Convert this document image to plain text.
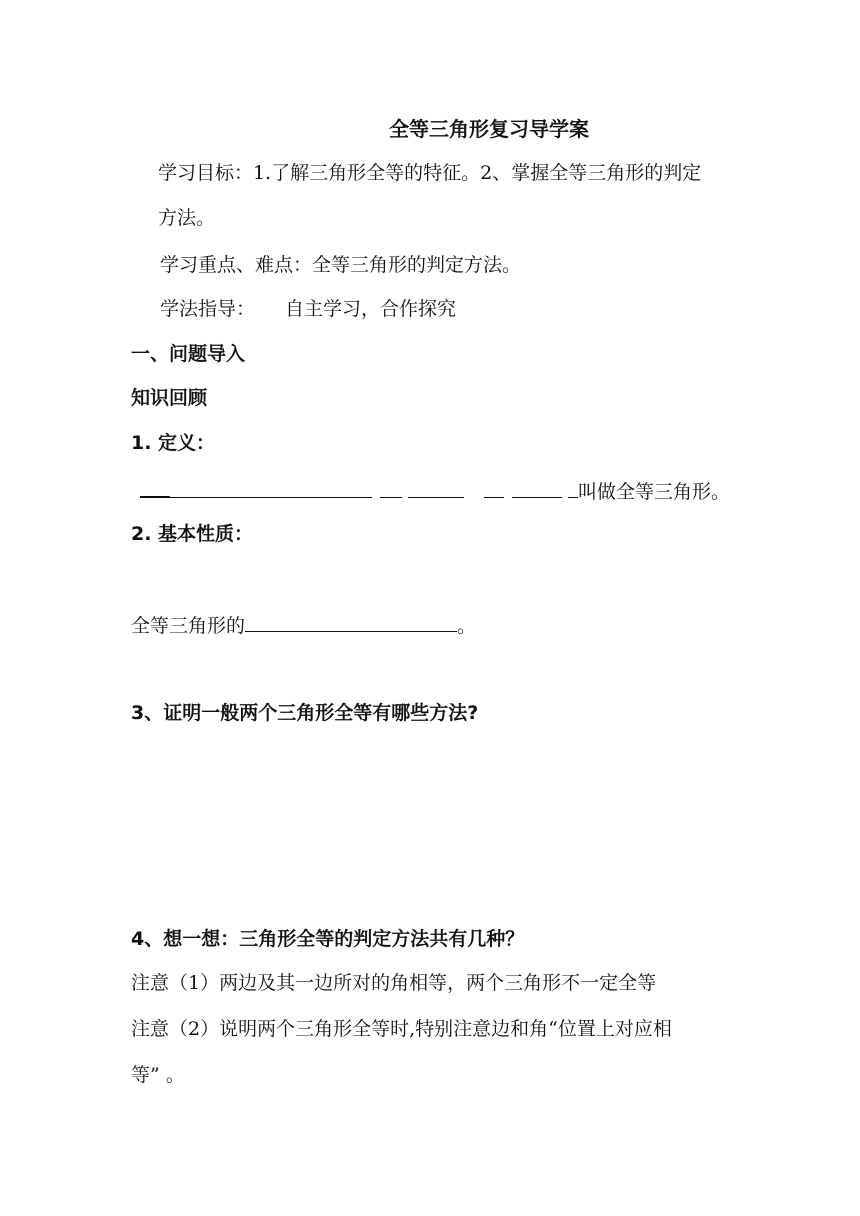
全等三角形复习导学案
学习目标：1.了解三角形全等的特征。2、掌握全等三角形的判定
方法。
学习重点、难点：全等三角形的判定方法。
学法指导： 自主学习，合作探究
一、问题导入
知识回顾
1. 定义：
叫做全等三角形。
2. 基本性质：
全等三角形的	。
3、证明一般两个三角形全等有哪些方法?
4、想一想：三角形全等的判定方法共有几种？
注意（1）两边及其一边所对的角相等，两个三角形不一定全等
注意（2）说明两个三角形全等时,特别注意边和角“位置上对应相
等” 。
